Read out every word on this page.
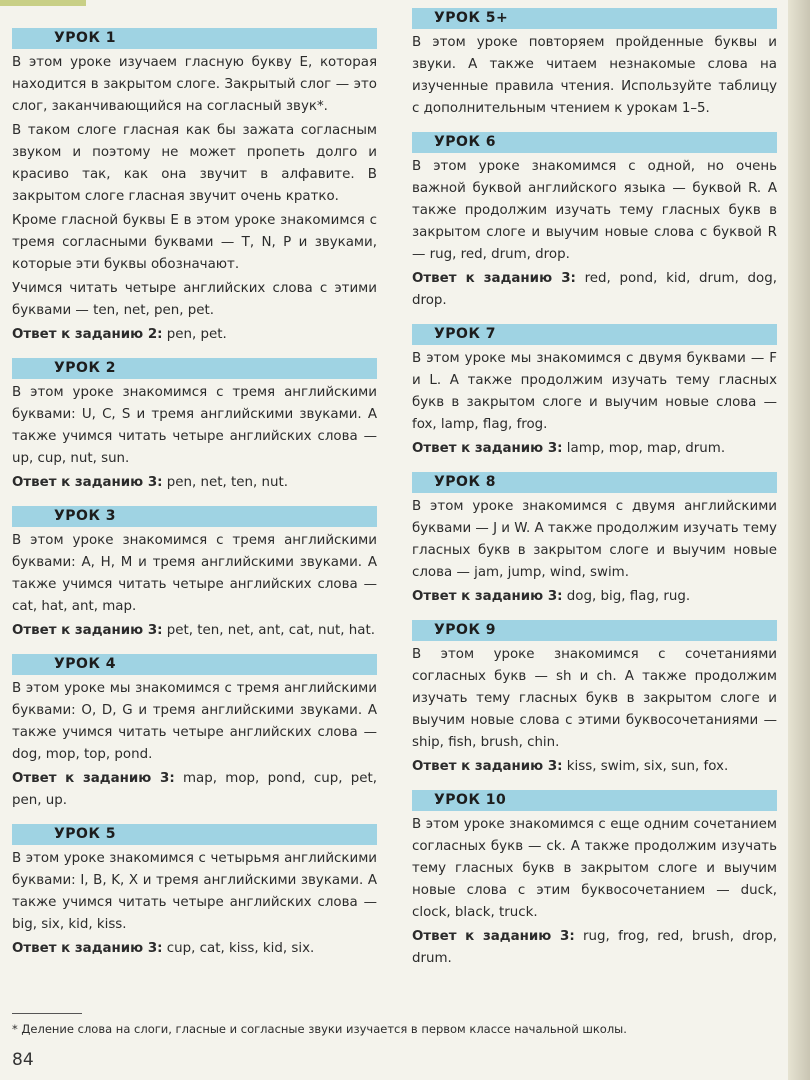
УРОК 1
В этом уроке изучаем гласную букву E, которая находится в закрытом слоге. Закрытый слог — это слог, заканчивающийся на согласный звук*.
В таком слоге гласная как бы зажата согласным звуком и поэтому не может пропеть долго и красиво так, как она звучит в алфавите. В закрытом слоге гласная звучит очень кратко.
Кроме гласной буквы E в этом уроке знакомимся с тремя согласными буквами — T, N, P и звуками, которые эти буквы обозначают.
Учимся читать четыре английских слова с этими буквами — ten, net, pen, pet.
Ответ к заданию 2: pen, pet.
УРОК 2
В этом уроке знакомимся с тремя английскими буквами: U, C, S и тремя английскими звуками. А также учимся читать четыре английских слова — up, cup, nut, sun.
Ответ к заданию 3: pen, net, ten, nut.
УРОК 3
В этом уроке знакомимся с тремя английскими буквами: A, H, M и тремя английскими звуками. А также учимся читать четыре английских слова — cat, hat, ant, map.
Ответ к заданию 3: pet, ten, net, ant, cat, nut, hat.
УРОК 4
В этом уроке мы знакомимся с тремя английскими буквами: O, D, G и тремя английскими звуками. А также учимся читать четыре английских слова — dog, mop, top, pond.
Ответ к заданию 3: map, mop, pond, cup, pet, pen, up.
УРОК 5
В этом уроке знакомимся с четырьмя английскими буквами: I, B, K, X и тремя английскими звуками. А также учимся читать четыре английских слова — big, six, kid, kiss.
Ответ к заданию 3: cup, cat, kiss, kid, six.
УРОК 5+
В этом уроке повторяем пройденные буквы и звуки. А также читаем незнакомые слова на изученные правила чтения. Используйте таблицу с дополнительным чтением к урокам 1–5.
УРОК 6
В этом уроке знакомимся с одной, но очень важной буквой английского языка — буквой R. А также продолжим изучать тему гласных букв в закрытом слоге и выучим новые слова с буквой R — rug, red, drum, drop.
Ответ к заданию 3: red, pond, kid, drum, dog, drop.
УРОК 7
В этом уроке мы знакомимся с двумя буквами — F и L. А также продолжим изучать тему гласных букв в закрытом слоге и выучим новые слова — fox, lamp, flag, frog.
Ответ к заданию 3: lamp, mop, map, drum.
УРОК 8
В этом уроке знакомимся с двумя английскими буквами — J и W. А также продолжим изучать тему гласных букв в закрытом слоге и выучим новые слова — jam, jump, wind, swim.
Ответ к заданию 3: dog, big, flag, rug.
УРОК 9
В этом уроке знакомимся с сочетаниями согласных букв — sh и ch. А также продолжим изучать тему гласных букв в закрытом слоге и выучим новые слова с этими буквосочетаниями — ship, fish, brush, chin.
Ответ к заданию 3: kiss, swim, six, sun, fox.
УРОК 10
В этом уроке знакомимся с еще одним сочетанием согласных букв — ck. А также продолжим изучать тему гласных букв в закрытом слоге и выучим новые слова с этим буквосочетанием — duck, clock, black, truck.
Ответ к заданию 3: rug, frog, red, brush, drop, drum.
* Деление слова на слоги, гласные и согласные звуки изучается в первом классе начальной школы.
84
